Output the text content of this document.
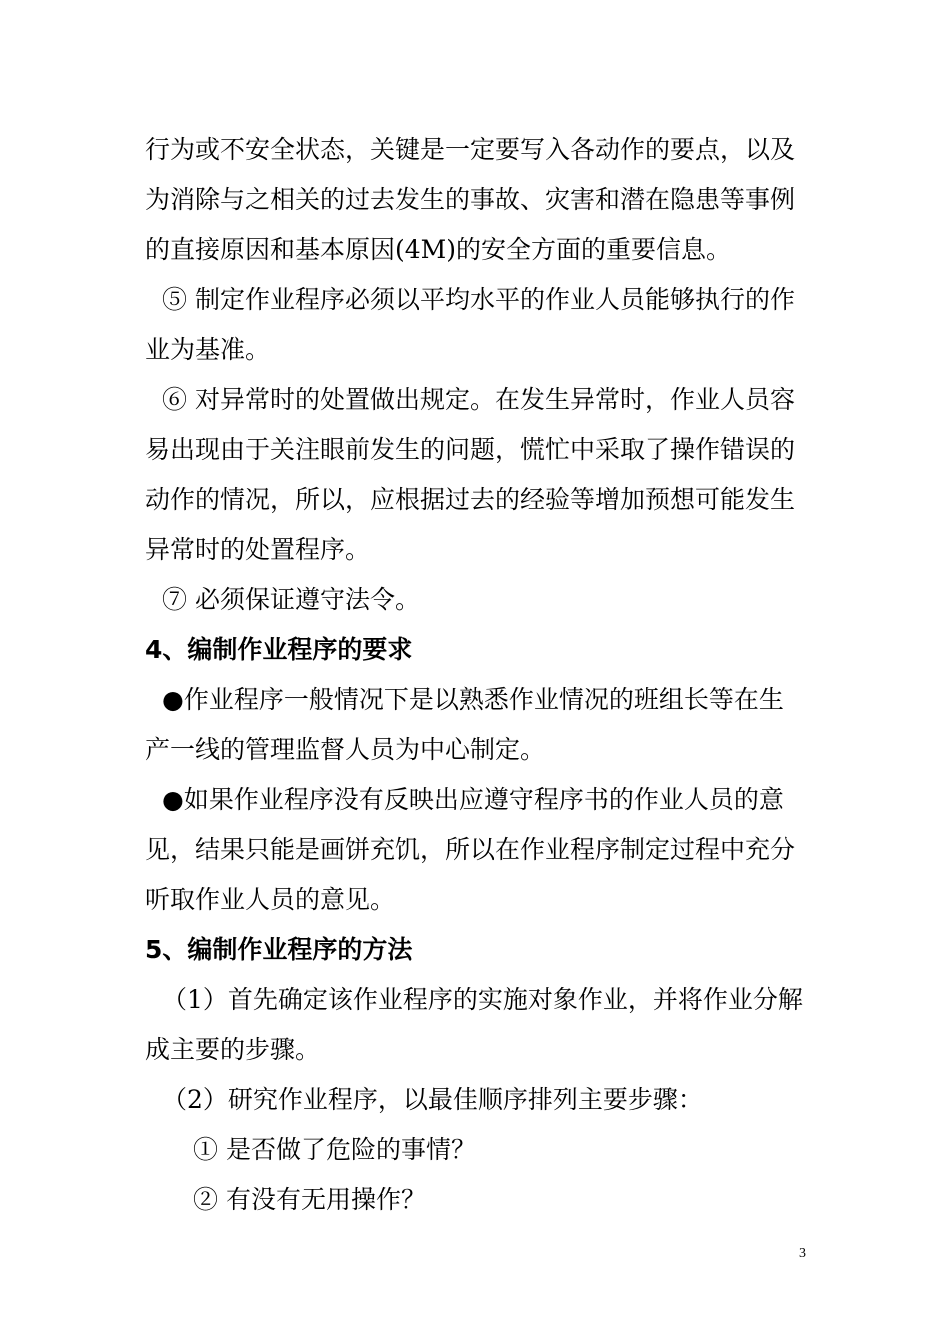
行为或不安全状态，关键是一定要写入各动作的要点，以及

为消除与之相关的过去发生的事故、灾害和潜在隐患等事例

的直接原因和基本原因(4M)的安全方面的重要信息。

⑤ 制定作业程序必须以平均水平的作业人员能够执行的作

业为基准。

⑥ 对异常时的处置做出规定。在发生异常时，作业人员容

易出现由于关注眼前发生的问题，慌忙中采取了操作错误的

动作的情况，所以，应根据过去的经验等增加预想可能发生

异常时的处置程序。

⑦ 必须保证遵守法令。

4、编制作业程序的要求

●作业程序一般情况下是以熟悉作业情况的班组长等在生

产一线的管理监督人员为中心制定。

●如果作业程序没有反映出应遵守程序书的作业人员的意

见，结果只能是画饼充饥，所以在作业程序制定过程中充分

听取作业人员的意见。

5、编制作业程序的方法

（1）首先确定该作业程序的实施对象作业，并将作业分解

成主要的步骤。

（2）研究作业程序，以最佳顺序排列主要步骤：

① 是否做了危险的事情？

② 有没有无用操作？

3
